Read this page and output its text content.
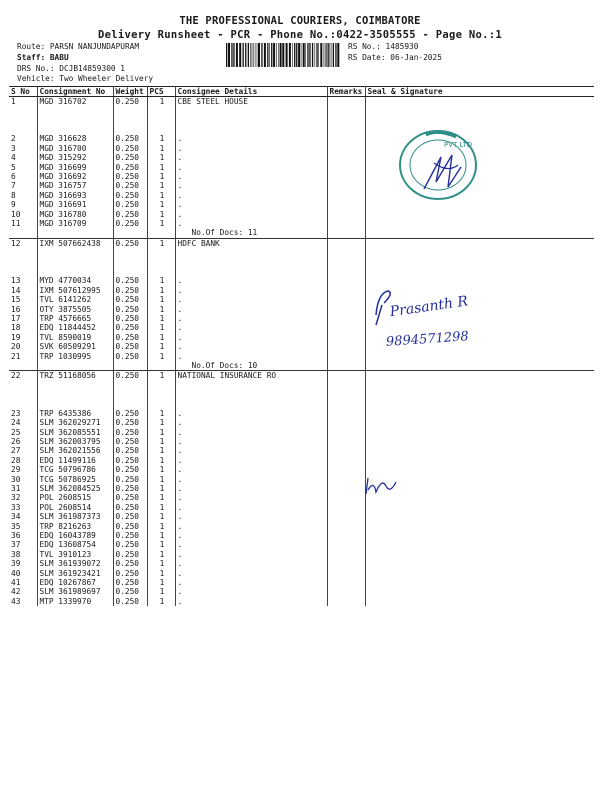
THE PROFESSIONAL COURIERS, COIMBATORE
Delivery Runsheet - PCR - Phone No.:0422-3505555 - Page No.:1
Route: PARSN NANJUNDAPURAM
Staff: BABU
DRS No.: DCJB14859300 1
Vehicle: Two Wheeler Delivery
RS No.: 1485930
RS Date: 06-Jan-2025
S No	Consignment No	Weight	PCS	Consignee Details	Remarks	Seal & Signature
1	MGD 316702	0.250	1	CBE STEEL HOUSE		

2	MGD 316628	0.250	1	.		
3	MGD 316700	0.250	1	.		
4	MGD 315292	0.250	1	.		
5	MGD 316699	0.250	1	.		
6	MGD 316692	0.250	1	.		
7	MGD 316757	0.250	1	.		
8	MGD 316693	0.250	1	.		
9	MGD 316691	0.250	1	.		
10	MGD 316780	0.250	1	.		
11	MGD 316709	0.250	1	.		
				No.Of Docs: 11		
12	IXM 507662438	0.250	1	HDFC BANK		

13	MYD 4770034	0.250	1	.		
14	IXM 507612995	0.250	1	.		
15	TVL 6141262	0.250	1	.		
16	OTY 3875505	0.250	1	.		
17	TRP 4576665	0.250	1	.		
18	EDQ 11844452	0.250	1	.		
19	TVL 8590019	0.250	1	.		
20	SVK 60509291	0.250	1	.		
21	TRP 1030995	0.250	1	.		
				No.Of Docs: 10		
22	TRZ 51168056	0.250	1	NATIONAL INSURANCE RO		

23	TRP 6435386	0.250	1	.		
24	SLM 362029271	0.250	1	.		
25	SLM 362085551	0.250	1	.		
26	SLM 362003795	0.250	1	.		
27	SLM 362021556	0.250	1	.		
28	EDQ 11499116	0.250	1	.		
29	TCG 50796786	0.250	1	.		
30	TCG 50786925	0.250	1	.		
31	SLM 362084525	0.250	1	.		
32	POL 2608515	0.250	1	.		
33	POL 2608514	0.250	1	.		
34	SLM 361987373	0.250	1	.		
35	TRP 8216263	0.250	1	.		
36	EDQ 16043789	0.250	1	.		
37	EDQ 13608754	0.250	1	.		
38	TVL 3910123	0.250	1	.		
39	SLM 361939072	0.250	1	.		
40	SLM 361923421	0.250	1	.		
41	EDQ 10267867	0.250	1	.		
42	SLM 361989697	0.250	1	.		
43	MTP 1339970	0.250	1	.		
PVT LTD
Prasanth R
9894571298
